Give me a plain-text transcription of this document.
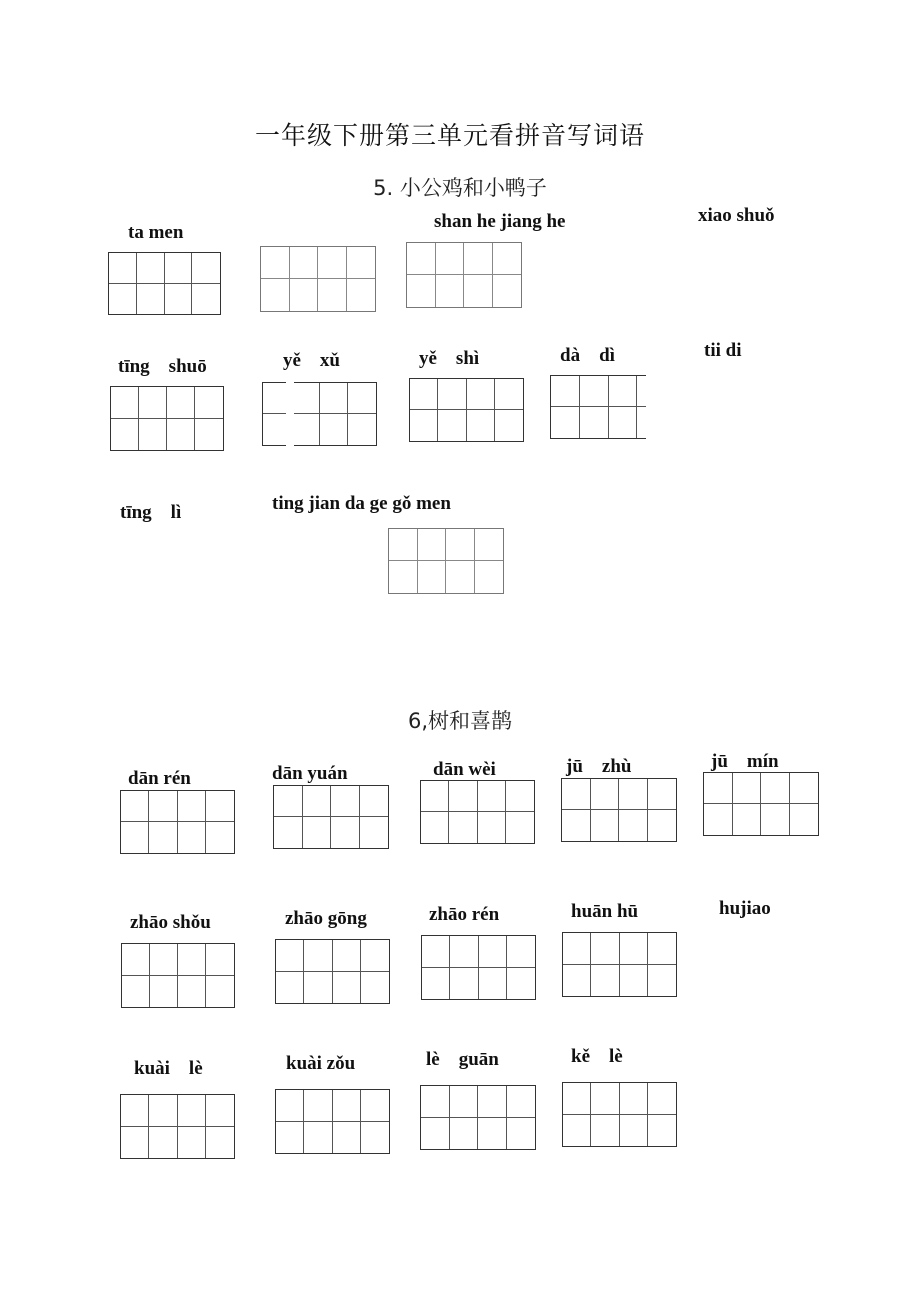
一年级下册第三单元看拼音写词语
5. 小公鸡和小鸭子
ta men
shan he jiang he	xiao shuǒ
tīng    shuō	yě    xǔ	yě    shì	dà    dì	tii di
tīng    lì	ting jian da ge gǒ men
6,树和喜鹊
dān rén	dān yuán	dān wèi	jū    zhù	jū    mín
zhāo shǒu	zhāo gōng	zhāo rén	huān hū	hujiao
kuài    lè	kuài zǒu	lè    guān	kě    lè
